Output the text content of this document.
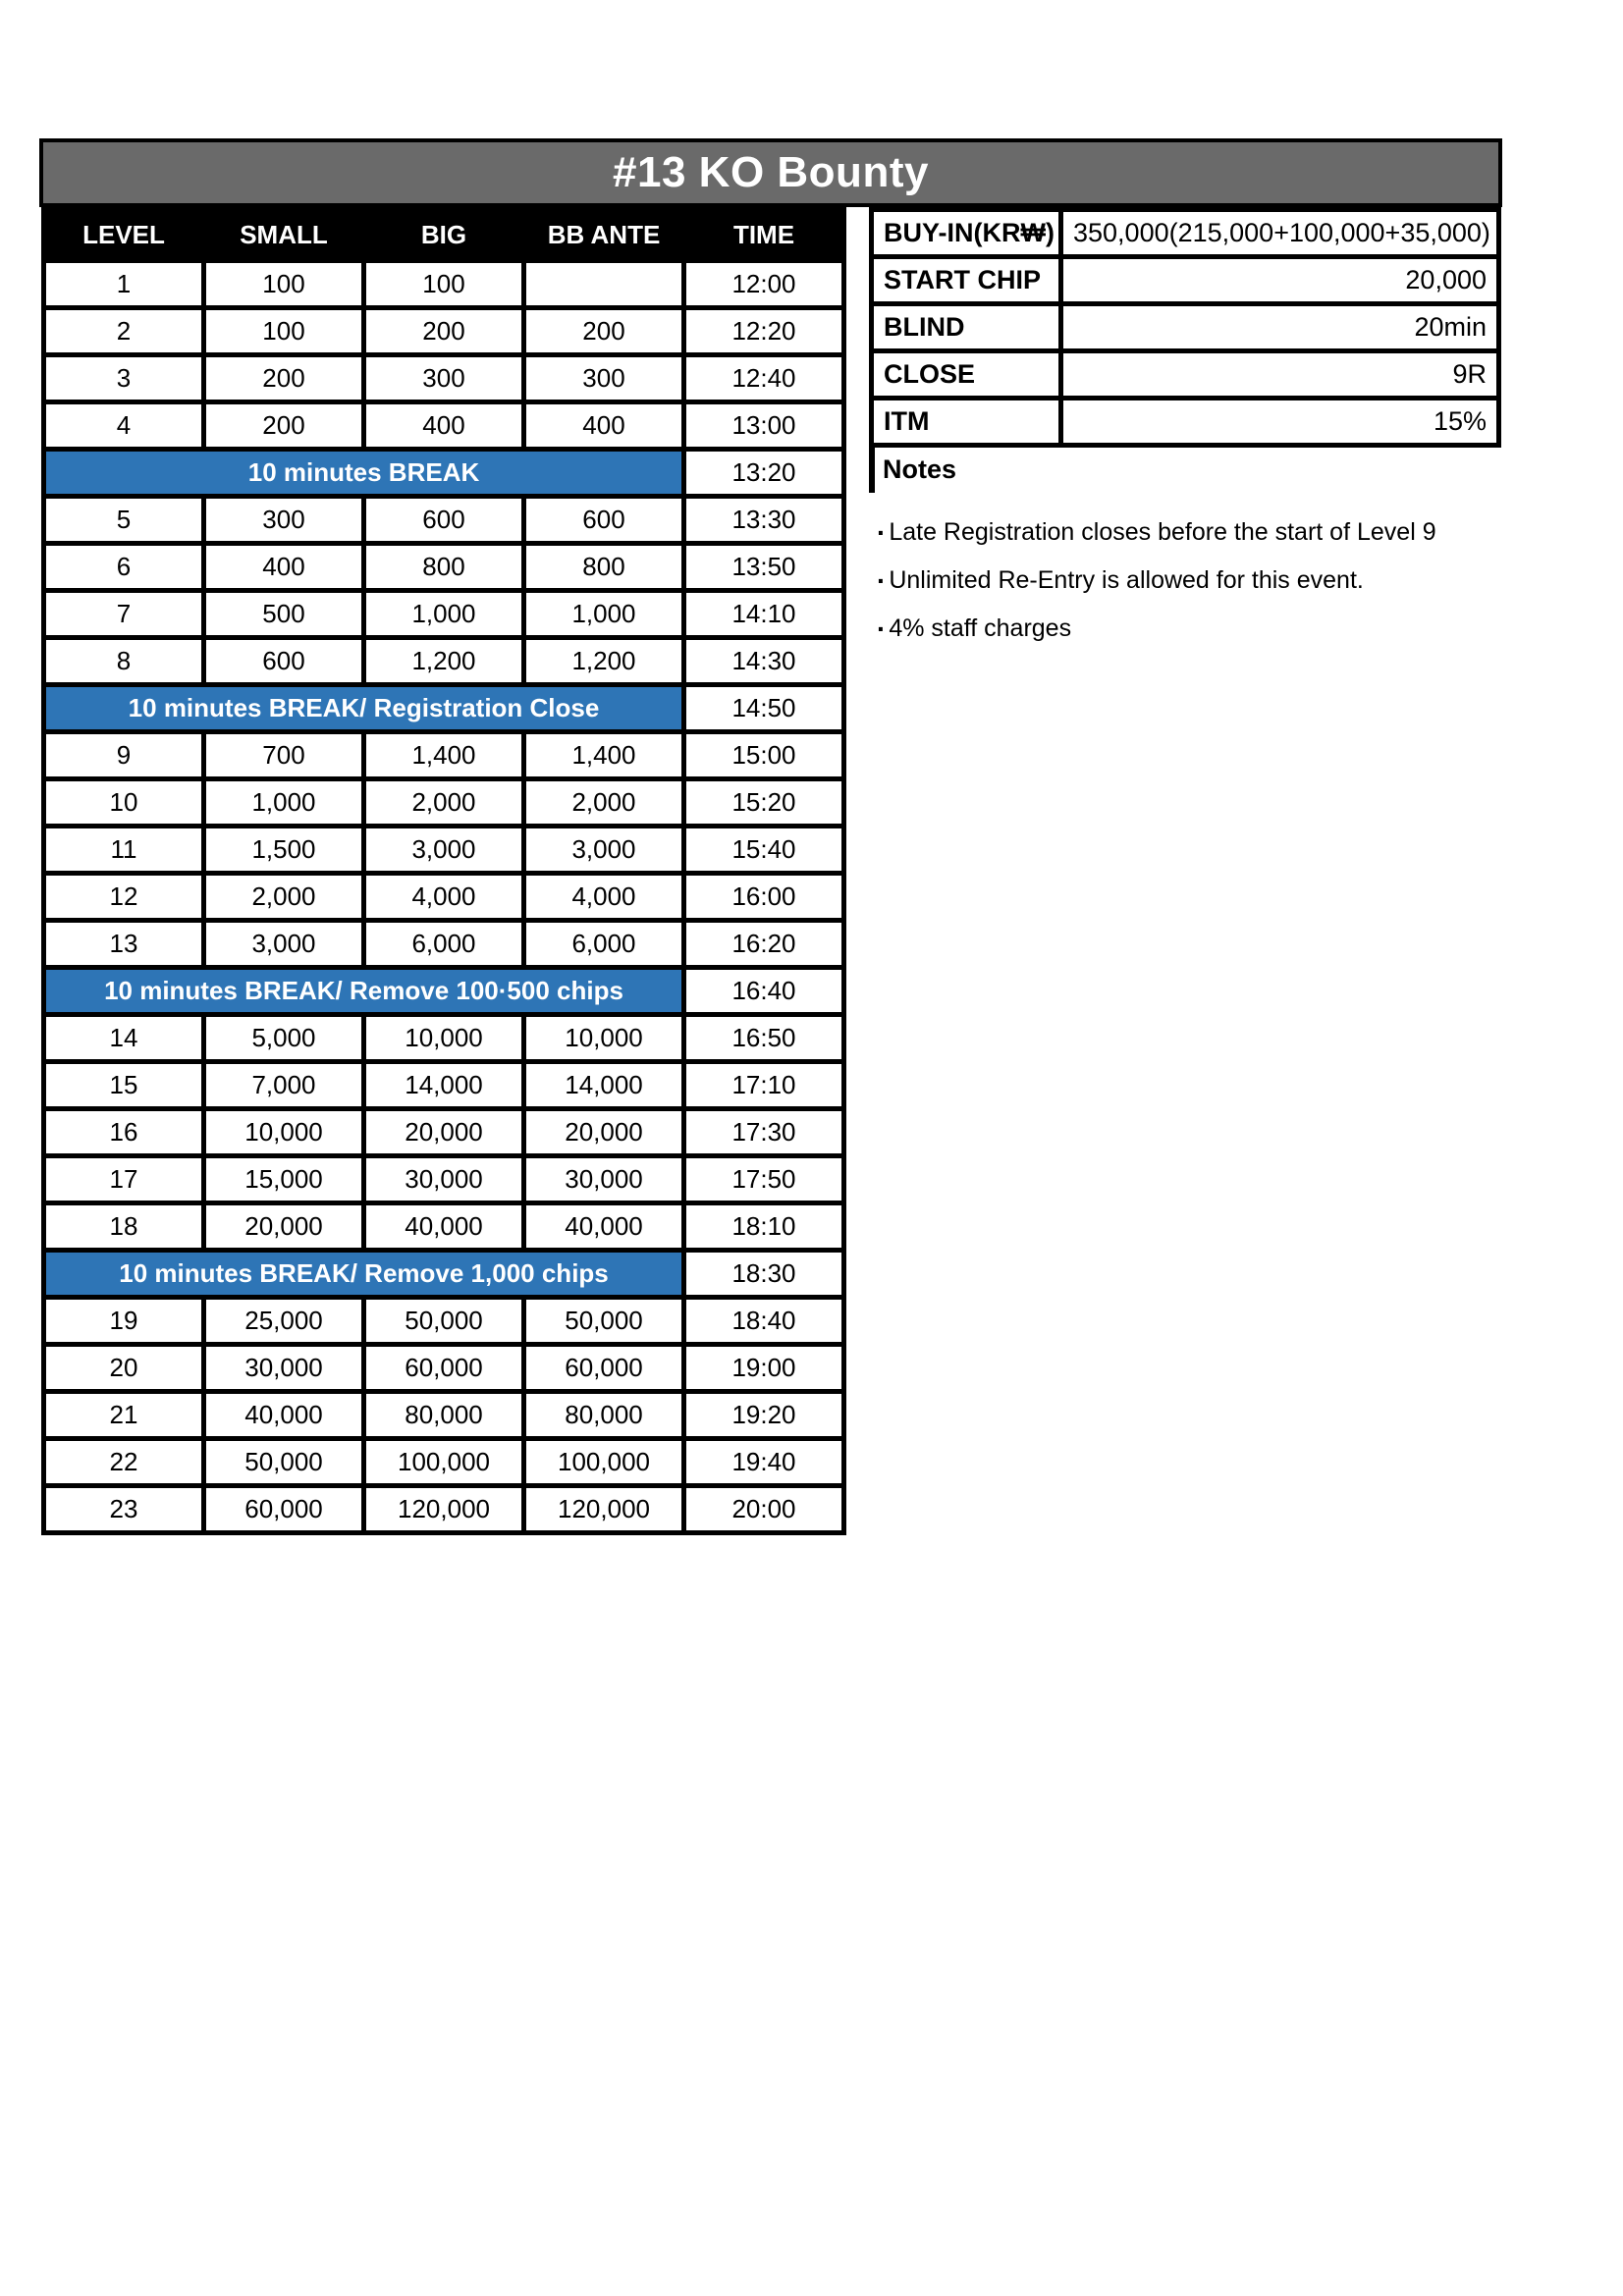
#13 KO Bounty
LEVEL	SMALL	BIG	BB ANTE	TIME
1	100	100		12:00
2	100	200	200	12:20
3	200	300	300	12:40
4	200	400	400	13:00
10 minutes BREAK				13:20
5	300	600	600	13:30
6	400	800	800	13:50
7	500	1,000	1,000	14:10
8	600	1,200	1,200	14:30
10 minutes BREAK/ Registration Close				14:50
9	700	1,400	1,400	15:00
10	1,000	2,000	2,000	15:20
11	1,500	3,000	3,000	15:40
12	2,000	4,000	4,000	16:00
13	3,000	6,000	6,000	16:20
10 minutes BREAK/ Remove 100·500 chips				16:40
14	5,000	10,000	10,000	16:50
15	7,000	14,000	14,000	17:10
16	10,000	20,000	20,000	17:30
17	15,000	30,000	30,000	17:50
18	20,000	40,000	40,000	18:10
10 minutes BREAK/ Remove 1,000 chips				18:30
19	25,000	50,000	50,000	18:40
20	30,000	60,000	60,000	19:00
21	40,000	80,000	80,000	19:20
22	50,000	100,000	100,000	19:40
23	60,000	120,000	120,000	20:00
BUY-IN(KR₩)	350,000(215,000+100,000+35,000)
START CHIP	20,000
BLIND	20min
CLOSE	9R
ITM	15%
Notes
· Late Registration closes before the start of Level 9
· Unlimited Re-Entry is allowed for this event.
· 4% staff charges
